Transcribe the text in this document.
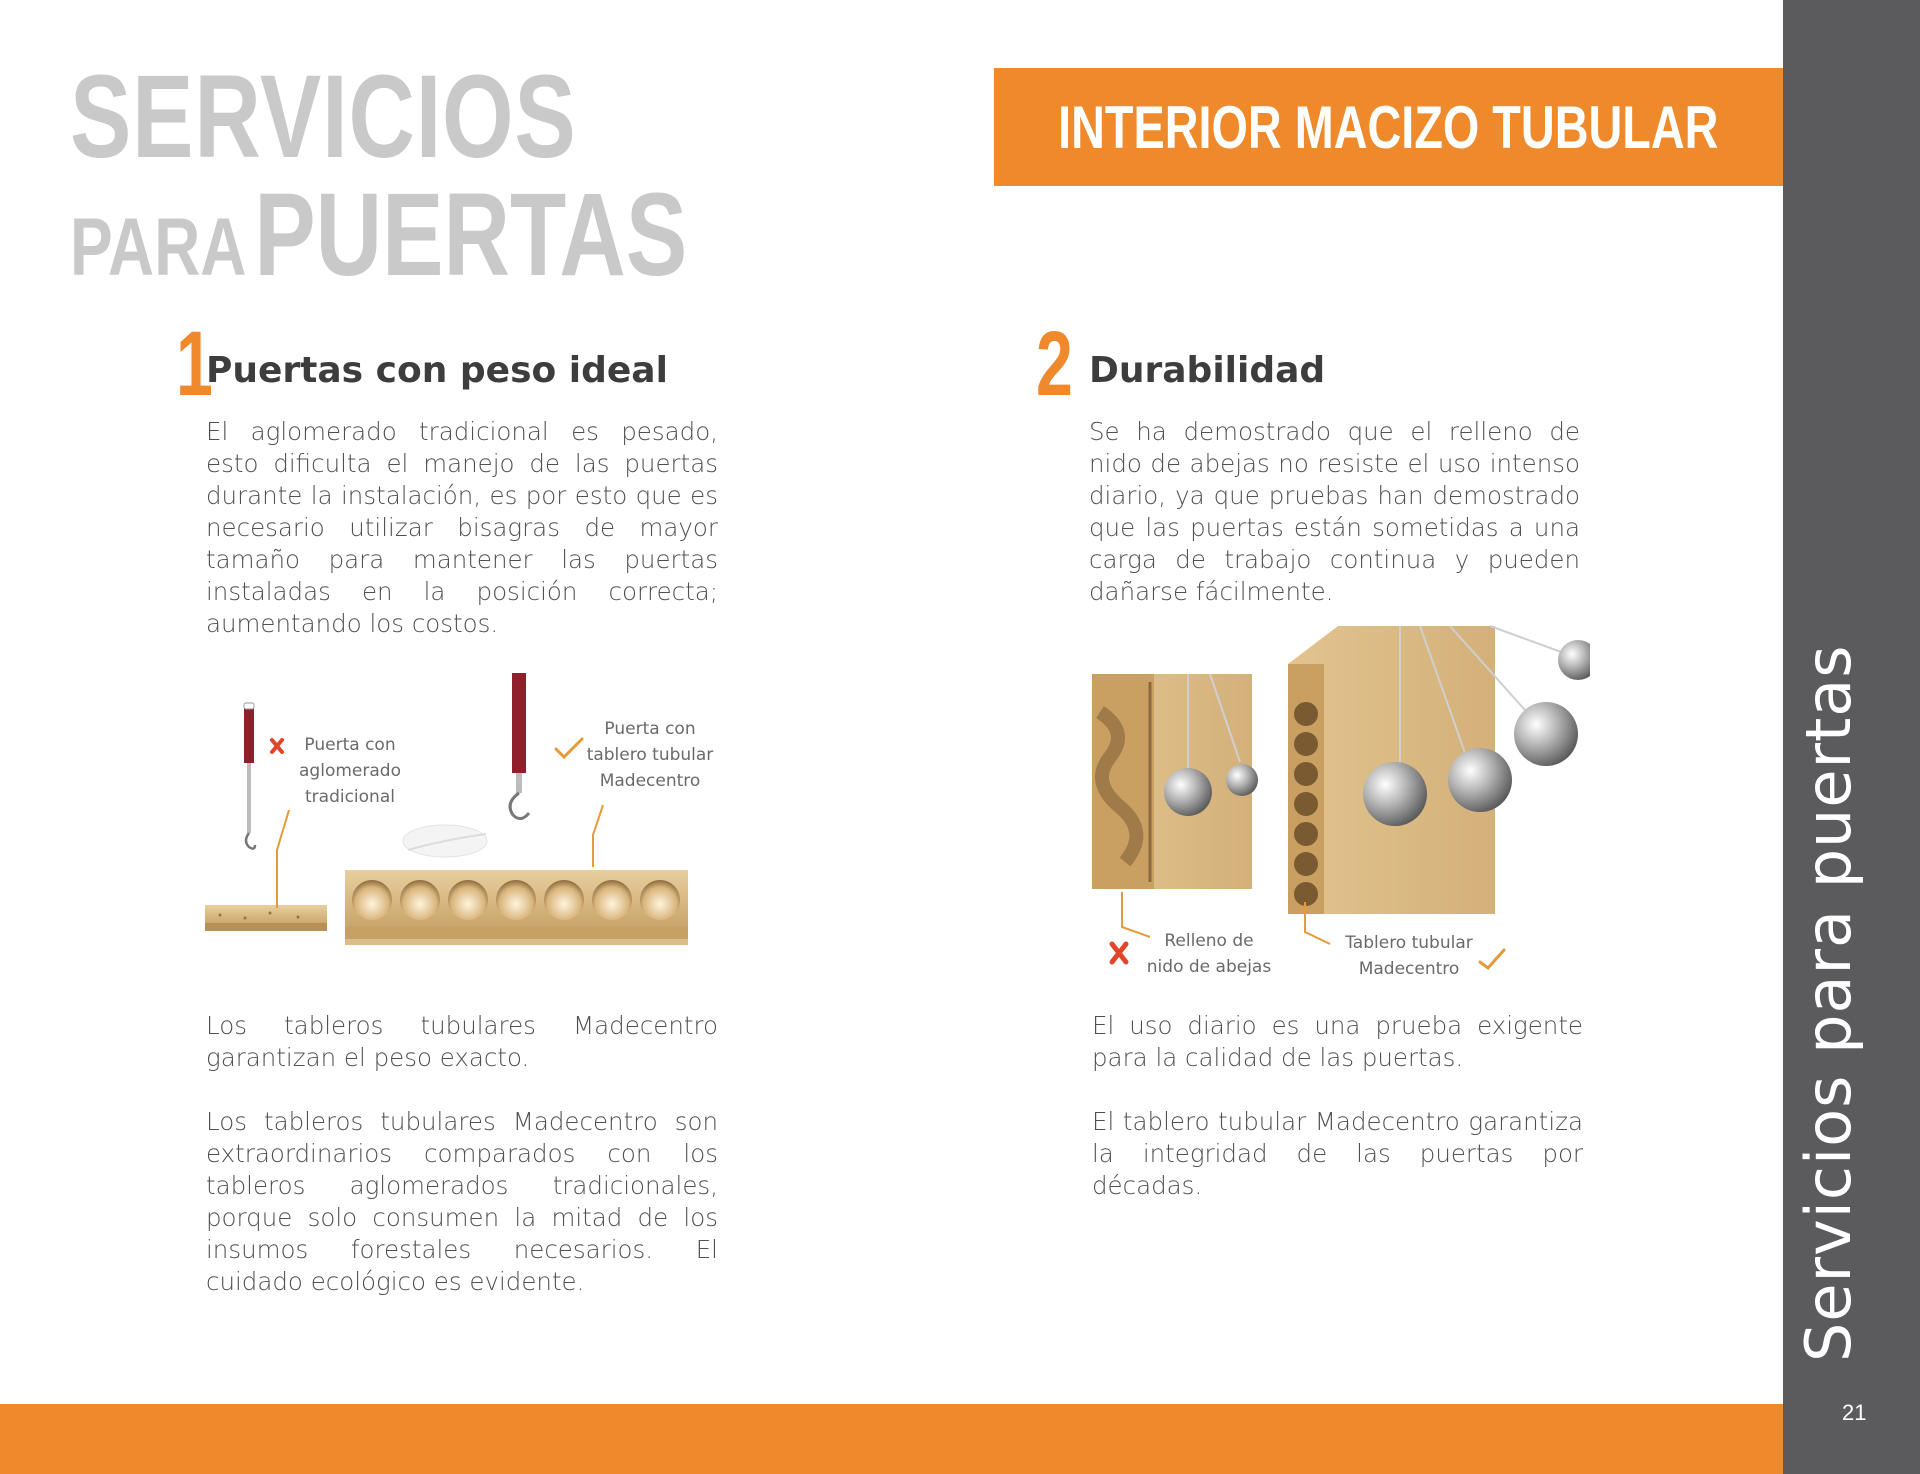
SERVICIOS
PARAPUERTAS
INTERIOR MACIZO TUBULAR
Servicios para puertas
21
1
Puertas con peso ideal

El aglomerado tradicional es pesado, esto dificulta el manejo de las puertas durante la instalación, es por esto que es necesario utilizar bisagras de mayor tamaño para mantener las puertas instaladas en la posición correcta; aumentando los costos.

Puerta con
aglomerado
tradicional
Puerta con
tablero tubular
Madecentro

Los tableros tubulares Madecentro garantizan el peso exacto.

Los tableros tubulares Madecentro son extraordinarios comparados con los tableros aglomerados tradicionales, porque solo consumen la mitad de los insumos forestales necesarios. El cuidado ecológico es evidente.

2 Durabilidad

Se ha demostrado que el relleno de nido de abejas no resiste el uso intenso diario, ya que pruebas han demostrado que las puertas están sometidas a una carga de trabajo continua y pueden dañarse fácilmente.

Relleno de
nido de abejas
Tablero tubular
Madecentro

El uso diario es una prueba exigente para la calidad de las puertas.

El tablero tubular Madecentro garantiza la integridad de las puertas por décadas.
